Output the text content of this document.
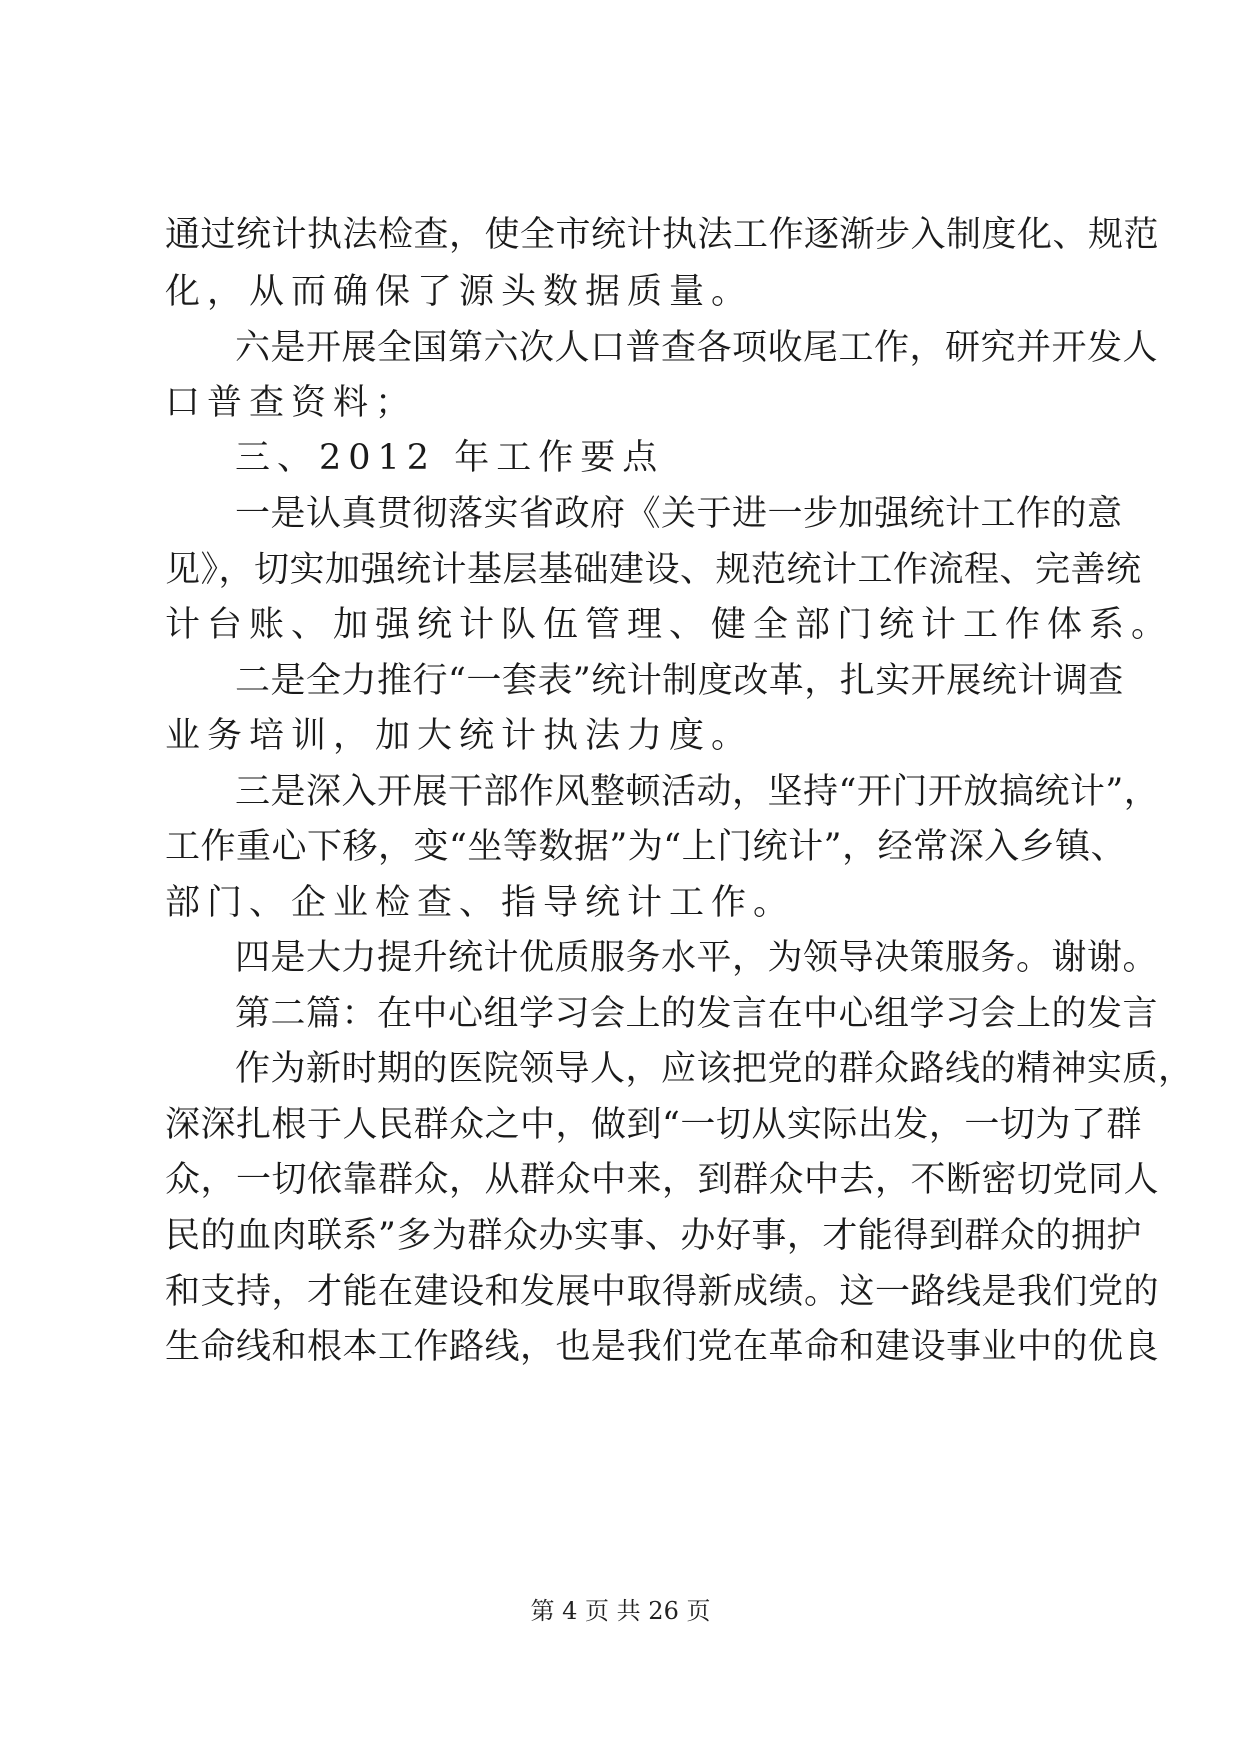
通过统计执法检查，使全市统计执法工作逐渐步入制度化、规范
化，从而确保了源头数据质量。
六是开展全国第六次人口普查各项收尾工作，研究并开发人
口普查资料；
三、2012 年工作要点
一是认真贯彻落实省政府《关于进一步加强统计工作的意
见》，切实加强统计基层基础建设、规范统计工作流程、完善统
计台账、加强统计队伍管理、健全部门统计工作体系。
二是全力推行“一套表”统计制度改革，扎实开展统计调查
业务培训，加大统计执法力度。
三是深入开展干部作风整顿活动，坚持“开门开放搞统计”，
工作重心下移，变“坐等数据”为“上门统计”，经常深入乡镇、
部门、企业检查、指导统计工作。
四是大力提升统计优质服务水平，为领导决策服务。谢谢。
第二篇：在中心组学习会上的发言在中心组学习会上的发言
作为新时期的医院领导人，应该把党的群众路线的精神实质，
深深扎根于人民群众之中，做到“一切从实际出发，一切为了群
众，一切依靠群众，从群众中来，到群众中去，不断密切党同人
民的血肉联系”多为群众办实事、办好事，才能得到群众的拥护
和支持，才能在建设和发展中取得新成绩。这一路线是我们党的
生命线和根本工作路线，也是我们党在革命和建设事业中的优良
第 4 页 共 26 页
